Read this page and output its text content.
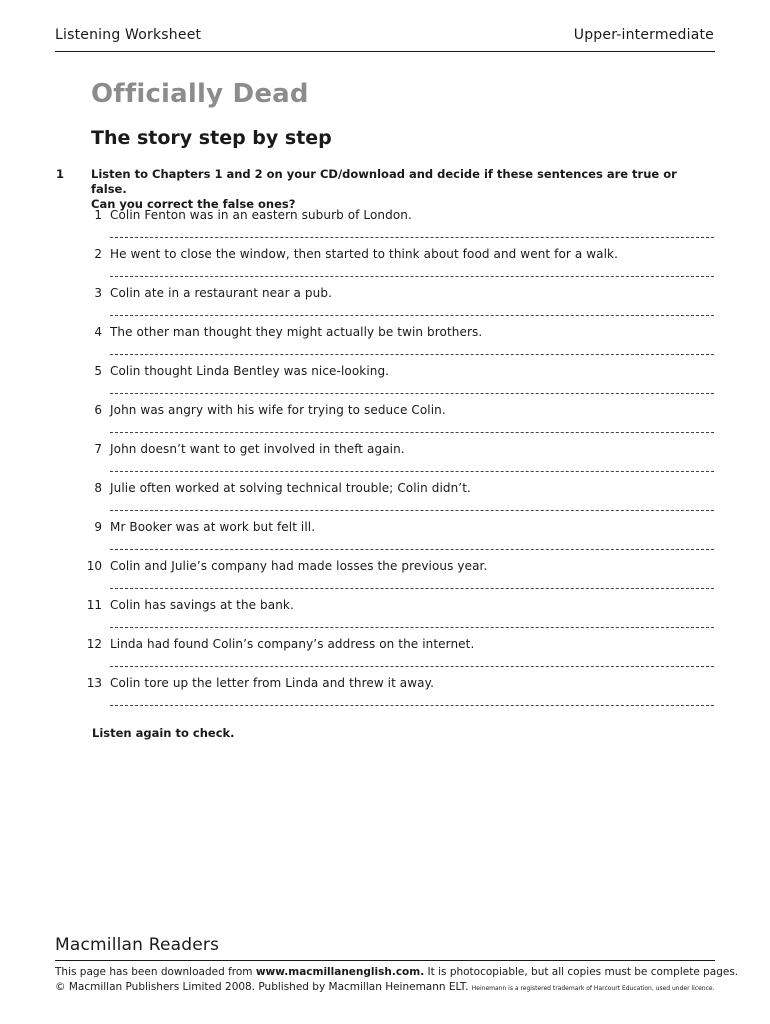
Listening Worksheet	Upper-intermediate
Officially Dead
The story step by step
1 Listen to Chapters 1 and 2 on your CD/download and decide if these sentences are true or false.
Can you correct the false ones?
1 Colin Fenton was in an eastern suburb of London.
2 He went to close the window, then started to think about food and went for a walk.
3 Colin ate in a restaurant near a pub.
4 The other man thought they might actually be twin brothers.
5 Colin thought Linda Bentley was nice-looking.
6 John was angry with his wife for trying to seduce Colin.
7 John doesn’t want to get involved in theft again.
8 Julie often worked at solving technical trouble; Colin didn’t.
9 Mr Booker was at work but felt ill.
10 Colin and Julie’s company had made losses the previous year.
11 Colin has savings at the bank.
12 Linda had found Colin’s company’s address on the internet.
13 Colin tore up the letter from Linda and threw it away.
Listen again to check.
Macmillan Readers
This page has been downloaded from www.macmillanenglish.com. It is photocopiable, but all copies must be complete pages.
© Macmillan Publishers Limited 2008. Published by Macmillan Heinemann ELT. Heinemann is a registered trademark of Harcourt Education, used under licence.
